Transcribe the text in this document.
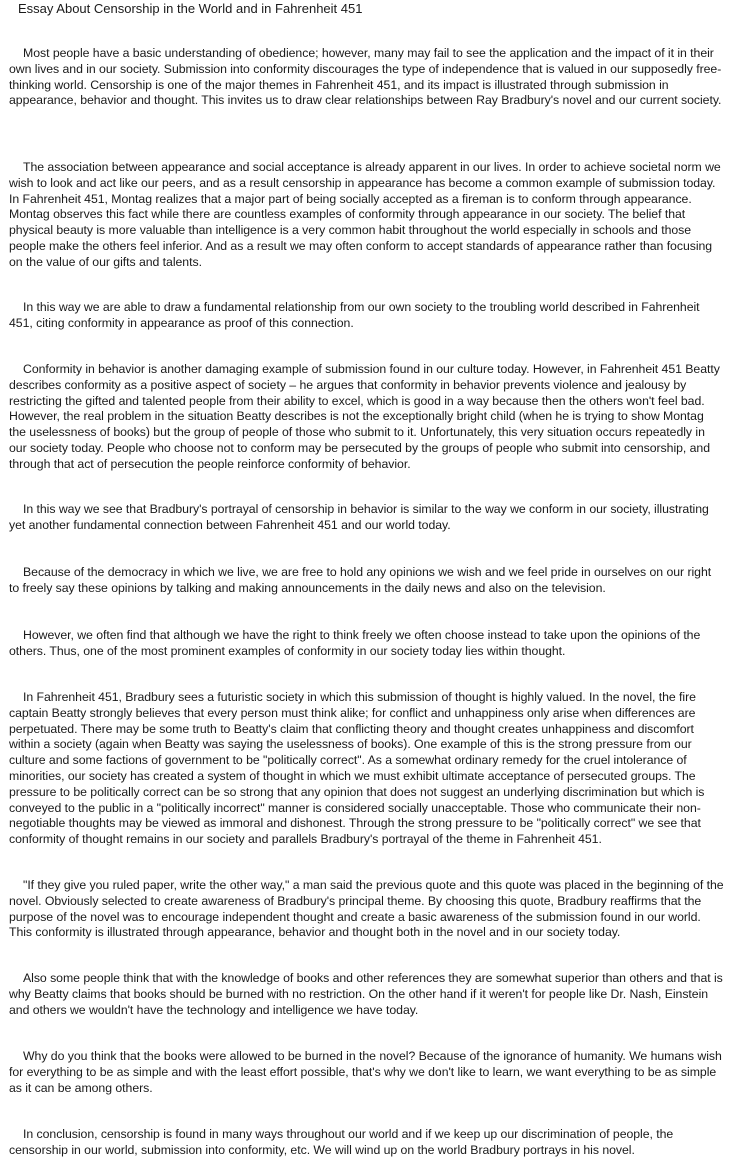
Essay About Censorship in the World and in Fahrenheit 451

Most people have a basic understanding of obedience; however, many may fail to see the application and the impact of it in their own lives and in our society. Submission into conformity discourages the type of independence that is valued in our supposedly free-thinking world. Censorship is one of the major themes in Fahrenheit 451, and its impact is illustrated through submission in appearance, behavior and thought. This invites us to draw clear relationships between Ray Bradbury's novel and our current society.

The association between appearance and social acceptance is already apparent in our lives. In order to achieve societal norm we wish to look and act like our peers, and as a result censorship in appearance has become a common example of submission today. In Fahrenheit 451, Montag realizes that a major part of being socially accepted as a fireman is to conform through appearance. Montag observes this fact while there are countless examples of conformity through appearance in our society. The belief that physical beauty is more valuable than intelligence is a very common habit throughout the world especially in schools and those people make the others feel inferior. And as a result we may often conform to accept standards of appearance rather than focusing on the value of our gifts and talents.

In this way we are able to draw a fundamental relationship from our own society to the troubling world described in Fahrenheit 451, citing conformity in appearance as proof of this connection.

Conformity in behavior is another damaging example of submission found in our culture today. However, in Fahrenheit 451 Beatty describes conformity as a positive aspect of society – he argues that conformity in behavior prevents violence and jealousy by restricting the gifted and talented people from their ability to excel, which is good in a way because then the others won't feel bad. However, the real problem in the situation Beatty describes is not the exceptionally bright child (when he is trying to show Montag the uselessness of books) but the group of people of those who submit to it. Unfortunately, this very situation occurs repeatedly in our society today. People who choose not to conform may be persecuted by the groups of people who submit into censorship, and through that act of persecution the people reinforce conformity of behavior.

In this way we see that Bradbury's portrayal of censorship in behavior is similar to the way we conform in our society, illustrating yet another fundamental connection between Fahrenheit 451 and our world today.

Because of the democracy in which we live, we are free to hold any opinions we wish and we feel pride in ourselves on our right to freely say these opinions by talking and making announcements in the daily news and also on the television.

However, we often find that although we have the right to think freely we often choose instead to take upon the opinions of the others. Thus, one of the most prominent examples of conformity in our society today lies within thought.

In Fahrenheit 451, Bradbury sees a futuristic society in which this submission of thought is highly valued. In the novel, the fire captain Beatty strongly believes that every person must think alike; for conflict and unhappiness only arise when differences are perpetuated. There may be some truth to Beatty's claim that conflicting theory and thought creates unhappiness and discomfort within a society (again when Beatty was saying the uselessness of books). One example of this is the strong pressure from our culture and some factions of government to be "politically correct". As a somewhat ordinary remedy for the cruel intolerance of minorities, our society has created a system of thought in which we must exhibit ultimate acceptance of persecuted groups. The pressure to be politically correct can be so strong that any opinion that does not suggest an underlying discrimination but which is conveyed to the public in a "politically incorrect" manner is considered socially unacceptable. Those who communicate their non-negotiable thoughts may be viewed as immoral and dishonest. Through the strong pressure to be "politically correct" we see that conformity of thought remains in our society and parallels Bradbury's portrayal of the theme in Fahrenheit 451.

"If they give you ruled paper, write the other way," a man said the previous quote and this quote was placed in the beginning of the novel. Obviously selected to create awareness of Bradbury's principal theme. By choosing this quote, Bradbury reaffirms that the purpose of the novel was to encourage independent thought and create a basic awareness of the submission found in our world. This conformity is illustrated through appearance, behavior and thought both in the novel and in our society today.

Also some people think that with the knowledge of books and other references they are somewhat superior than others and that is why Beatty claims that books should be burned with no restriction. On the other hand if it weren't for people like Dr. Nash, Einstein and others we wouldn't have the technology and intelligence we have today.

Why do you think that the books were allowed to be burned in the novel? Because of the ignorance of humanity. We humans wish for everything to be as simple and with the least effort possible, that's why we don't like to learn, we want everything to be as simple as it can be among others.

In conclusion, censorship is found in many ways throughout our world and if we keep up our discrimination of people, the censorship in our world, submission into conformity, etc. We will wind up on the world Bradbury portrays in his novel.
